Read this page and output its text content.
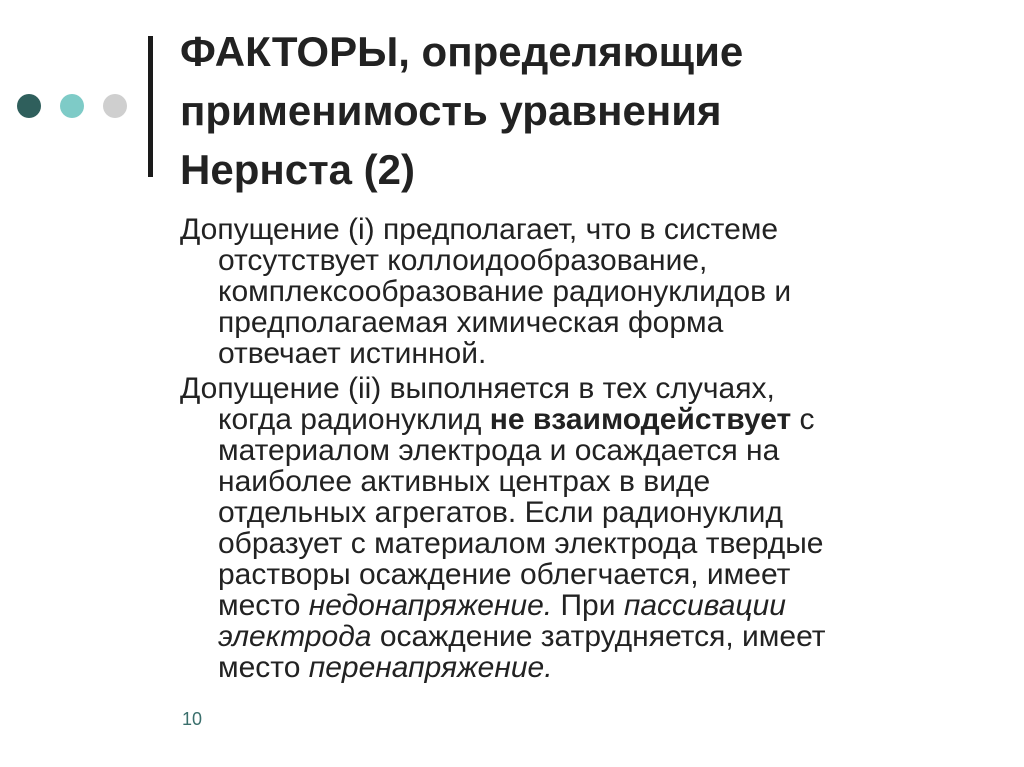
ФАКТОРЫ, определяющие
применимость уравнения
Нернста (2)

Допущение (i) предполагает, что в системе
отсутствует коллоидообразование,
комплексообразование радионуклидов и
предполагаемая химическая форма
отвечает истинной.

Допущение (ii) выполняется в тех случаях,
когда радионуклид не взаимодействует с
материалом электрода и осаждается на
наиболее активных центрах в виде
отдельных агрегатов. Если радионуклид
образует с материалом электрода твердые
растворы осаждение облегчается, имеет
место недонапряжение. При пассивации
электрода осаждение затрудняется, имеет
место перенапряжение.

10
